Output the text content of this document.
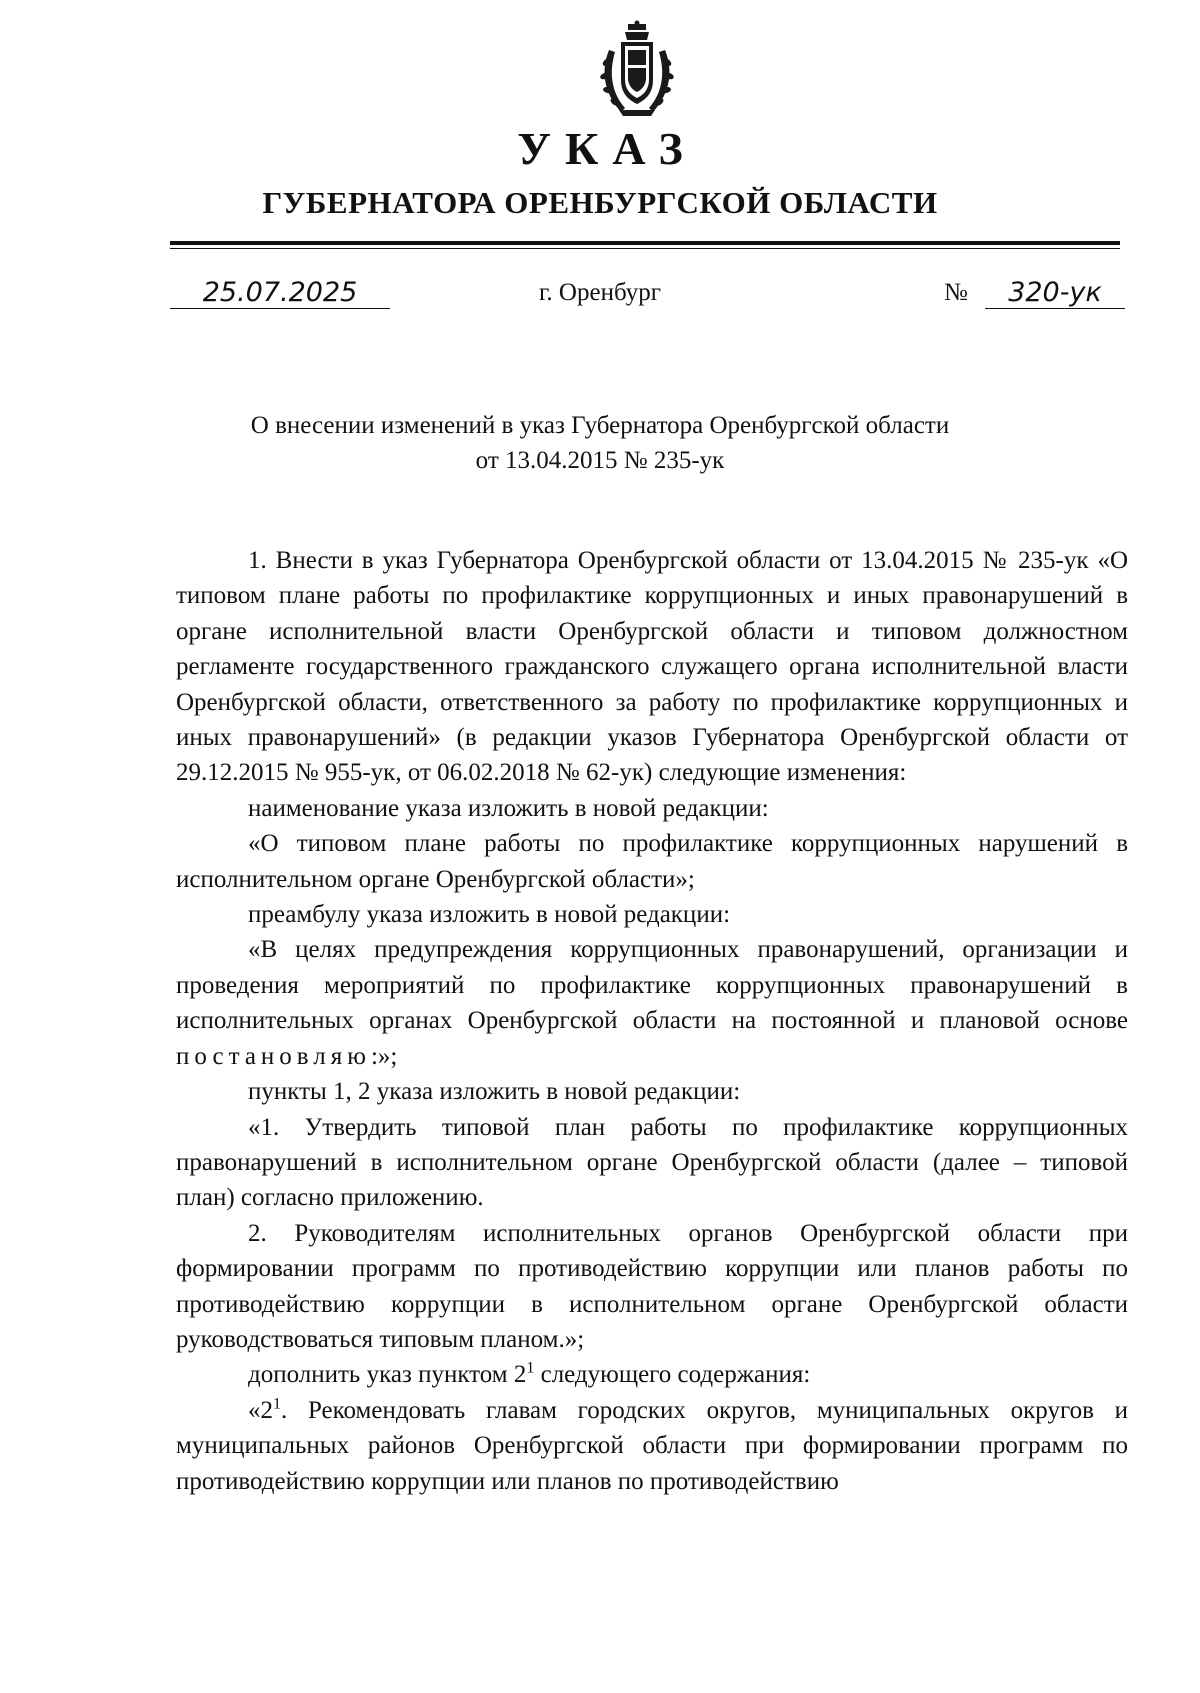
УКАЗ
ГУБЕРНАТОРА ОРЕНБУРГСКОЙ ОБЛАСТИ
г. Оренбург
25.07.2025	№	320-ук
О внесении изменений в указ Губернатора Оренбургской области
от 13.04.2015 № 235-ук

1. Внести в указ Губернатора Оренбургской области от 13.04.2015 № 235-ук «О типовом плане работы по профилактике коррупционных и иных правонарушений в органе исполнительной власти Оренбургской области и типовом должностном регламенте государственного гражданского служащего органа исполнительной власти Оренбургской области, ответственного за работу по профилактике коррупционных и иных правонарушений» (в редакции указов Губернатора Оренбургской области от 29.12.2015 № 955-ук, от 06.02.2018 № 62-ук) следующие изменения:

наименование указа изложить в новой редакции:

«О типовом плане работы по профилактике коррупционных нарушений в исполнительном органе Оренбургской области»;

преамбулу указа изложить в новой редакции:

«В целях предупреждения коррупционных правонарушений, организации и проведения мероприятий по профилактике коррупционных правонарушений в исполнительных органах Оренбургской области на постоянной и плановой основе постановляю:»;

пункты 1, 2 указа изложить в новой редакции:

«1. Утвердить типовой план работы по профилактике коррупционных правонарушений в исполнительном органе Оренбургской области (далее – типовой план) согласно приложению.

2. Руководителям исполнительных органов Оренбургской области при формировании программ по противодействию коррупции или планов работы по противодействию коррупции в исполнительном органе Оренбургской области руководствоваться типовым планом.»;

дополнить указ пунктом $2^1$ следующего содержания:

«$2^1$. Рекомендовать главам городских округов, муниципальных округов и муниципальных районов Оренбургской области при формировании программ по противодействию коррупции или планов по противодействию
